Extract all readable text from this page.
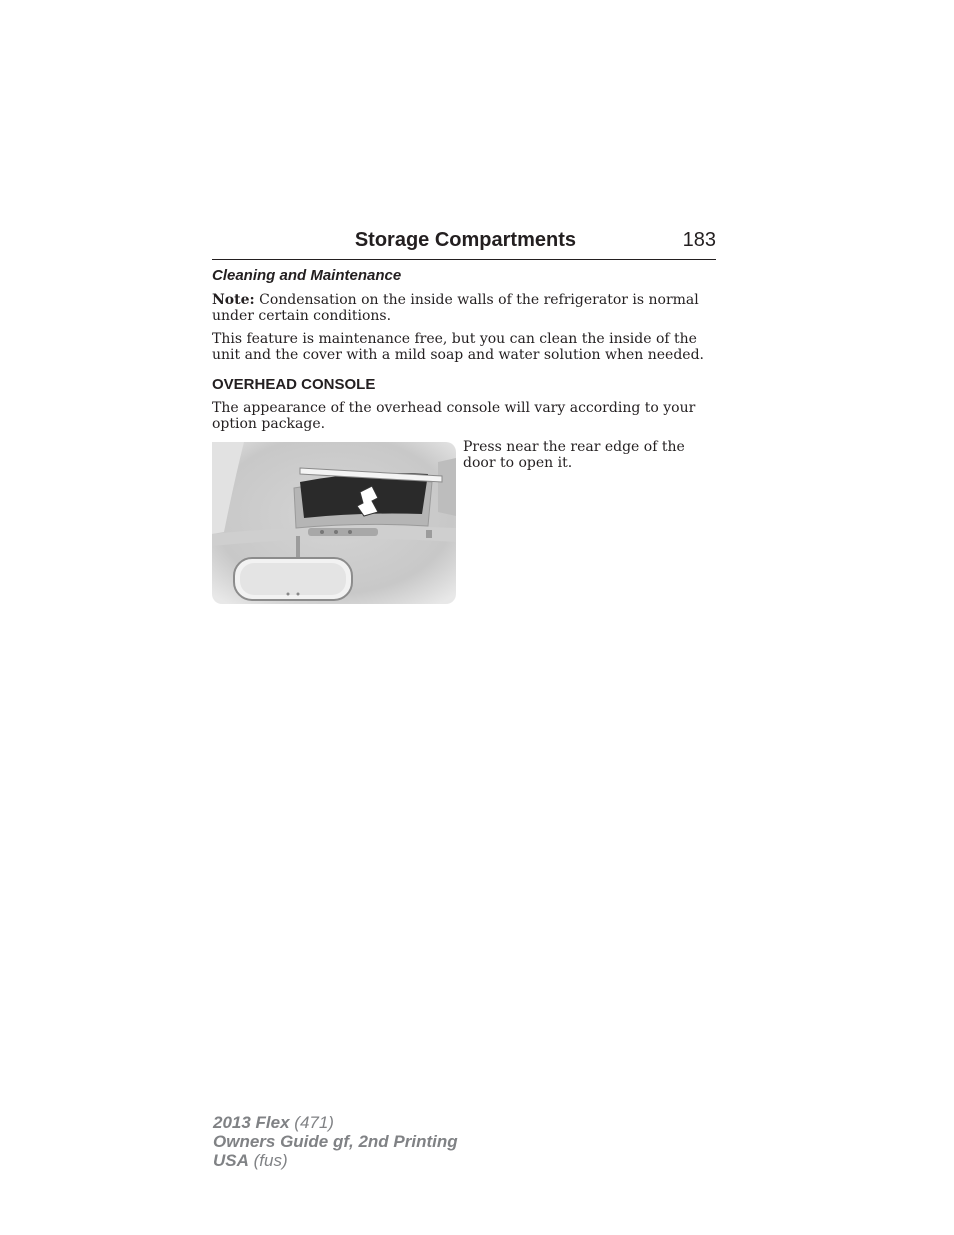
Storage Compartments	183
Cleaning and Maintenance
Note: Condensation on the inside walls of the refrigerator is normal under certain conditions.
This feature is maintenance free, but you can clean the inside of the unit and the cover with a mild soap and water solution when needed.
OVERHEAD CONSOLE
The appearance of the overhead console will vary according to your option package.
Press near the rear edge of the door to open it.
2013 Flex (471)
Owners Guide gf, 2nd Printing
USA (fus)
